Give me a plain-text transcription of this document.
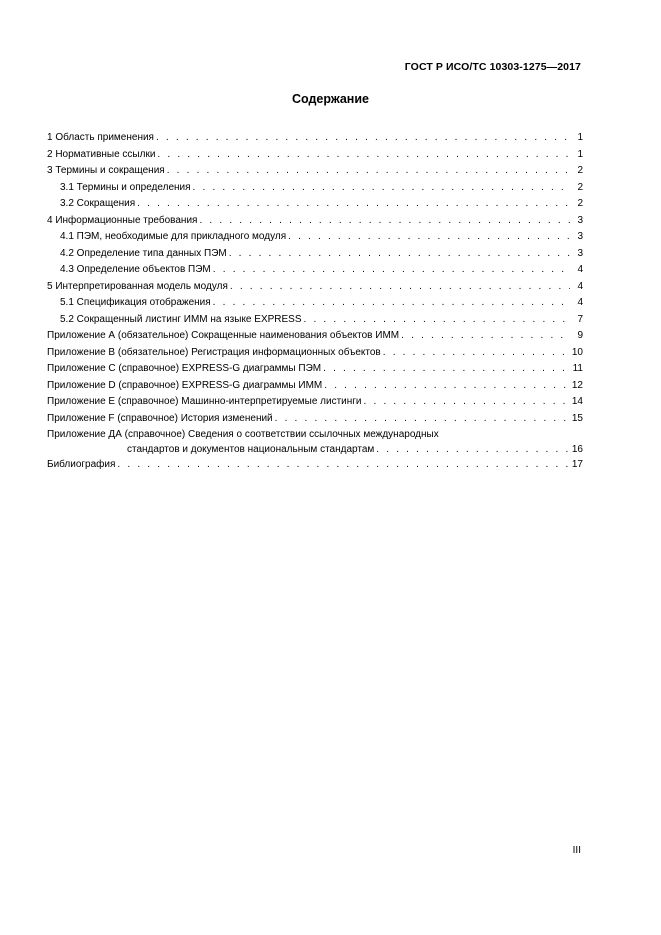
ГОСТ Р ИСО/ТС 10303-1275—2017
Содержание
1 Область применения . . .	1
2 Нормативные ссылки . . .	1
3 Термины и сокращения . . .	2
3.1 Термины и определения . . .	2
3.2 Сокращения . . .	2
4 Информационные требования . . .	3
4.1 ПЭМ, необходимые для прикладного модуля . . .	3
4.2 Определение типа данных ПЭМ . . .	3
4.3 Определение объектов ПЭМ . . .	4
5 Интерпретированная модель модуля . . .	4
5.1 Спецификация отображения . . .	4
5.2 Сокращенный листинг ИММ на языке EXPRESS . . .	7
Приложение А (обязательное) Сокращенные наименования объектов ИММ . . .	9
Приложение В (обязательное) Регистрация информационных объектов . . .	10
Приложение С (справочное) EXPRESS-G диаграммы ПЭМ . . .	11
Приложение D (справочное) EXPRESS-G диаграммы ИММ . . .	12
Приложение Е (справочное) Машинно-интерпретируемые листинги . . .	14
Приложение F (справочное) История изменений . . .	15
Приложение ДА (справочное) Сведения о соответствии ссылочных международных
стандартов и документов национальным стандартам . . .	16
Библиография . . .	17
III
